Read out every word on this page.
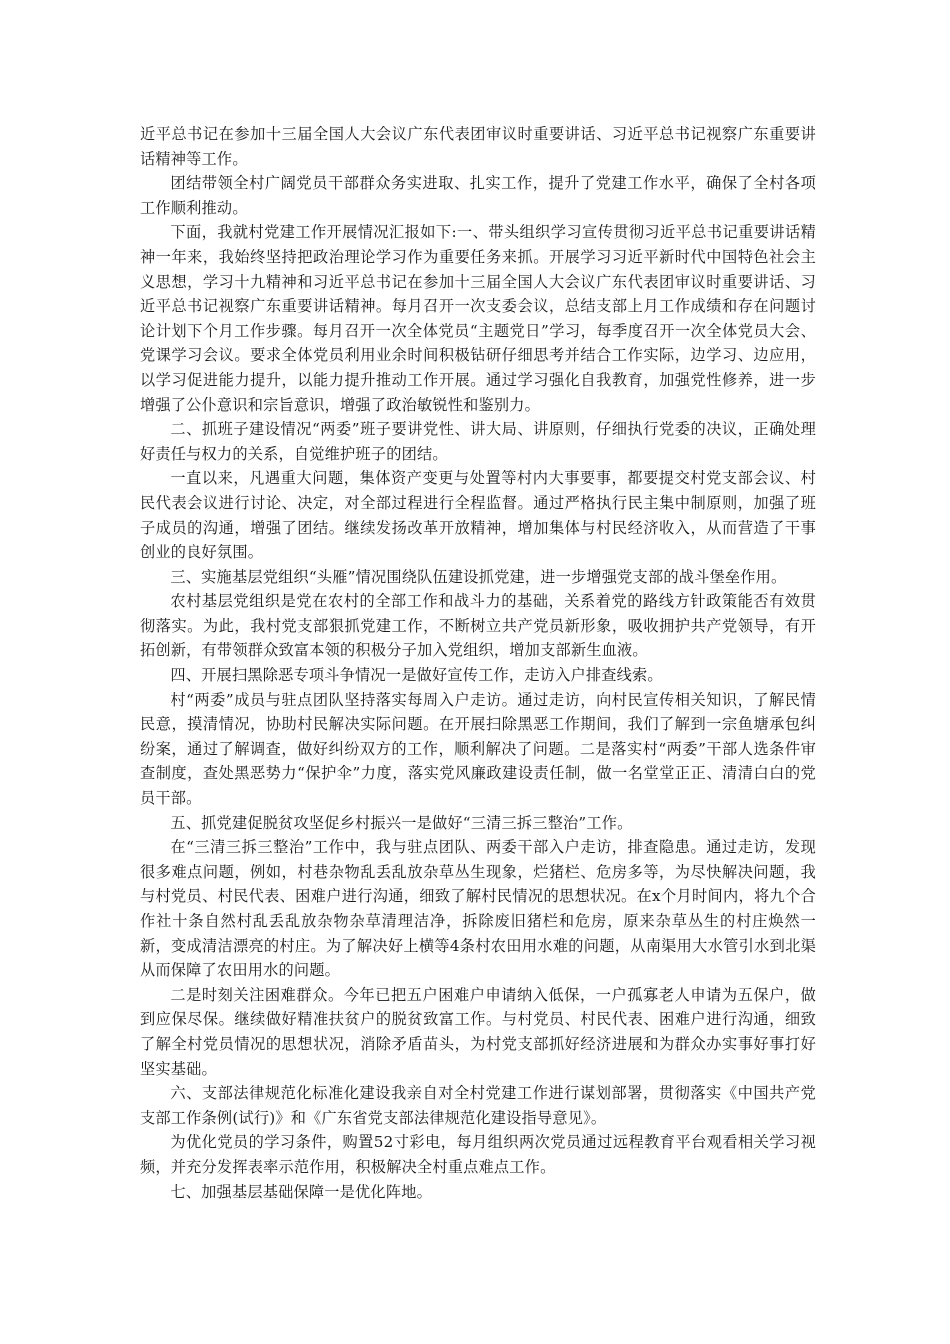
近平总书记在参加十三届全国人大会议广东代表团审议时重要讲话、习近平总书记视察广东重要讲话精神等工作。

团结带领全村广阔党员干部群众务实进取、扎实工作，提升了党建工作水平，确保了全村各项工作顺利推动。

下面，我就村党建工作开展情况汇报如下:一、带头组织学习宣传贯彻习近平总书记重要讲话精神一年来，我始终坚持把政治理论学习作为重要任务来抓。开展学习习近平新时代中国特色社会主义思想，学习十九精神和习近平总书记在参加十三届全国人大会议广东代表团审议时重要讲话、习近平总书记视察广东重要讲话精神。每月召开一次支委会议，总结支部上月工作成绩和存在问题讨论计划下个月工作步骤。每月召开一次全体党员“主题党日”学习，每季度召开一次全体党员大会、党课学习会议。要求全体党员利用业余时间积极钻研仔细思考并结合工作实际，边学习、边应用，以学习促进能力提升，以能力提升推动工作开展。通过学习强化自我教育，加强党性修养，进一步增强了公仆意识和宗旨意识，增强了政治敏锐性和鉴别力。

二、抓班子建设情况“两委”班子要讲党性、讲大局、讲原则，仔细执行党委的决议，正确处理好责任与权力的关系，自觉维护班子的团结。

一直以来，凡遇重大问题，集体资产变更与处置等村内大事要事，都要提交村党支部会议、村民代表会议进行讨论、决定，对全部过程进行全程监督。通过严格执行民主集中制原则，加强了班子成员的沟通，增强了团结。继续发扬改革开放精神，增加集体与村民经济收入，从而营造了干事创业的良好氛围。

三、实施基层党组织“头雁”情况围绕队伍建设抓党建，进一步增强党支部的战斗堡垒作用。

农村基层党组织是党在农村的全部工作和战斗力的基础，关系着党的路线方针政策能否有效贯彻落实。为此，我村党支部狠抓党建工作，不断树立共产党员新形象，吸收拥护共产党领导，有开拓创新，有带领群众致富本领的积极分子加入党组织，增加支部新生血液。

四、开展扫黑除恶专项斗争情况一是做好宣传工作，走访入户排查线索。

村“两委”成员与驻点团队坚持落实每周入户走访。通过走访，向村民宣传相关知识，了解民情民意，摸清情况，协助村民解决实际问题。在开展扫除黑恶工作期间，我们了解到一宗鱼塘承包纠纷案，通过了解调查，做好纠纷双方的工作，顺利解决了问题。二是落实村“两委”干部人选条件审查制度，查处黑恶势力“保护伞”力度，落实党风廉政建设责任制，做一名堂堂正正、清清白白的党员干部。

五、抓党建促脱贫攻坚促乡村振兴一是做好“三清三拆三整治”工作。

在“三清三拆三整治”工作中，我与驻点团队、两委干部入户走访，排查隐患。通过走访，发现很多难点问题，例如，村巷杂物乱丢乱放杂草丛生现象，烂猪栏、危房多等，为尽快解决问题，我与村党员、村民代表、困难户进行沟通，细致了解村民情况的思想状况。在x个月时间内，将九个合作社十条自然村乱丢乱放杂物杂草清理洁净，拆除废旧猪栏和危房，原来杂草丛生的村庄焕然一新，变成清洁漂亮的村庄。为了解决好上横等4条村农田用水难的问题，从南渠用大水管引水到北渠从而保障了农田用水的问题。

二是时刻关注困难群众。今年已把五户困难户申请纳入低保，一户孤寡老人申请为五保户，做到应保尽保。继续做好精准扶贫户的脱贫致富工作。与村党员、村民代表、困难户进行沟通，细致了解全村党员情况的思想状况，消除矛盾苗头，为村党支部抓好经济进展和为群众办实事好事打好坚实基础。

六、支部法律规范化标准化建设我亲自对全村党建工作进行谋划部署，贯彻落实《中国共产党支部工作条例(试行)》和《广东省党支部法律规范化建设指导意见》。

为优化党员的学习条件，购置52寸彩电，每月组织两次党员通过远程教育平台观看相关学习视频，并充分发挥表率示范作用，积极解决全村重点难点工作。

七、加强基层基础保障一是优化阵地。
